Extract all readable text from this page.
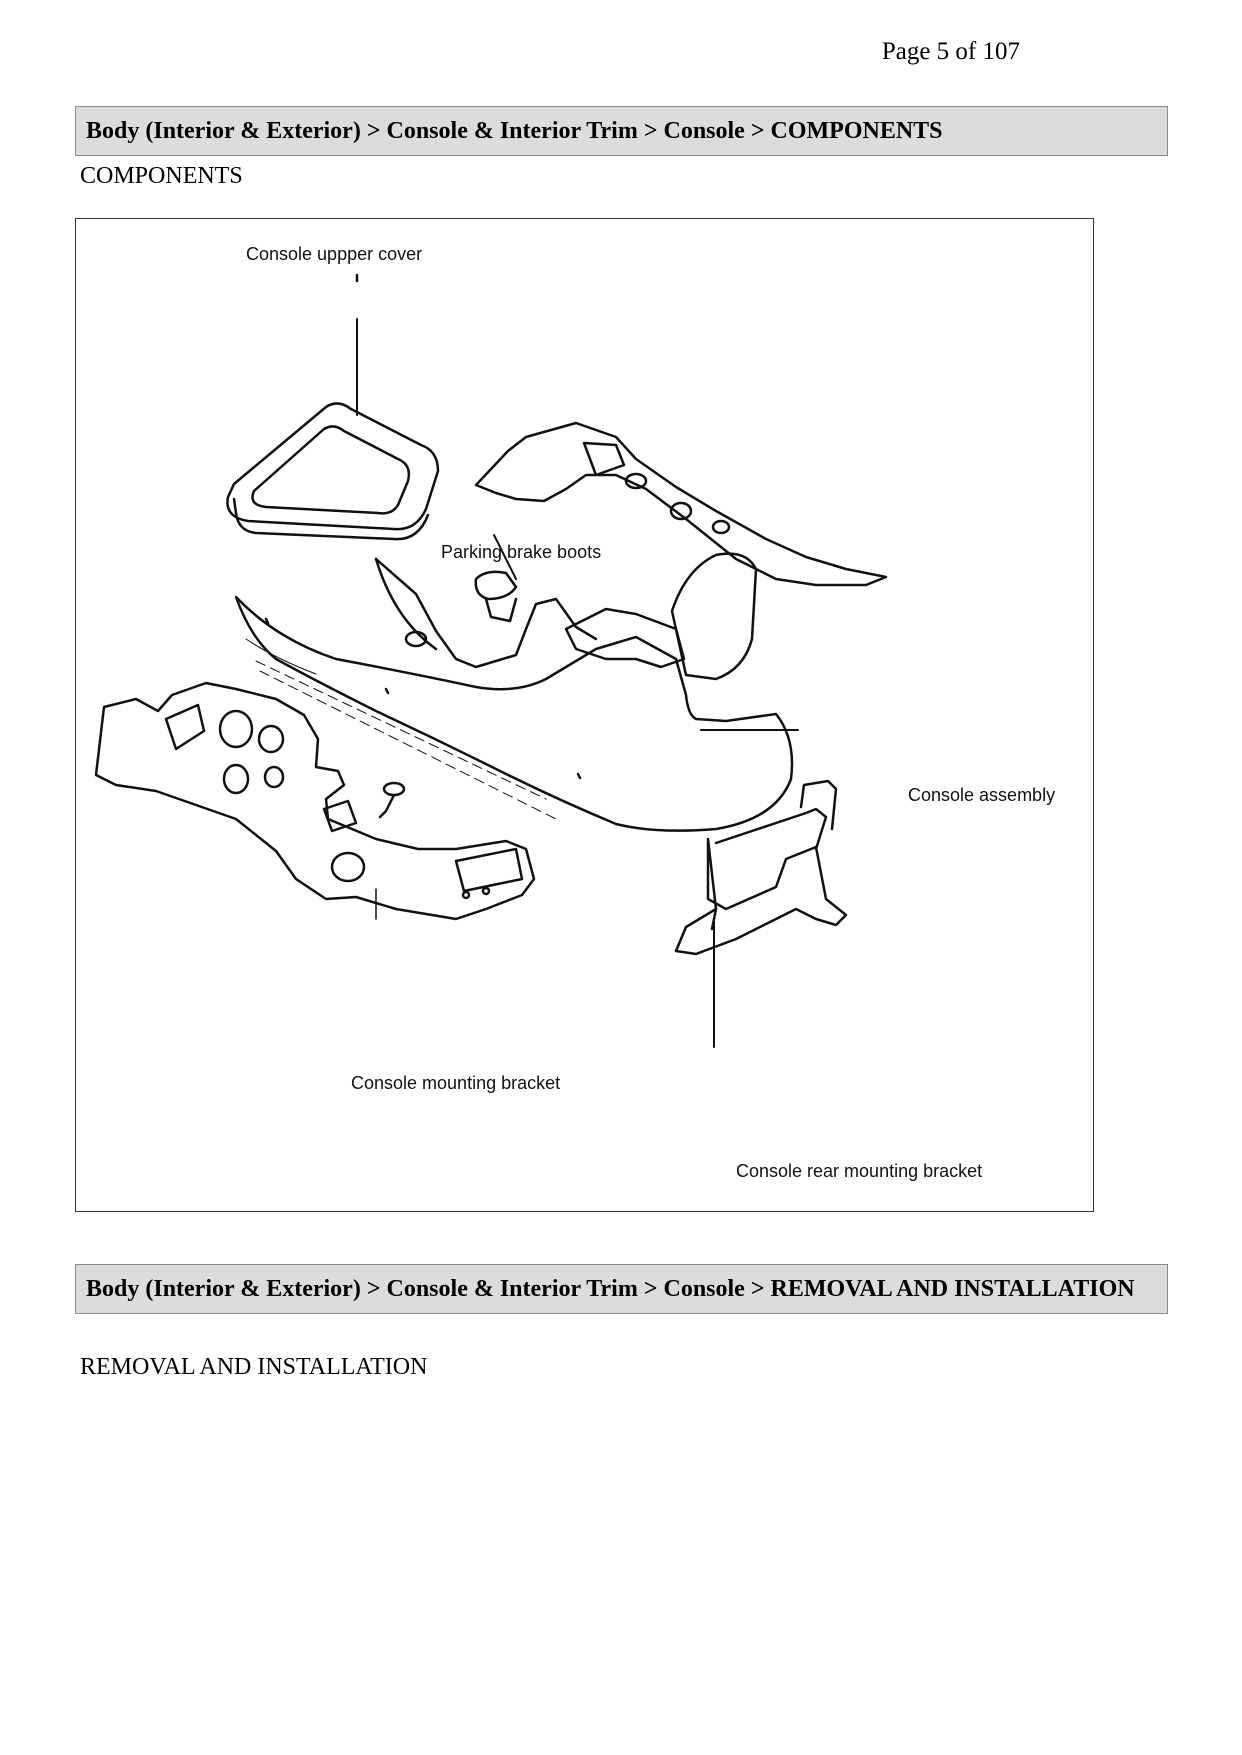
Page 5 of 107
Body (Interior & Exterior) > Console & Interior Trim > Console > COMPONENTS
COMPONENTS
Console uppper cover
Parking brake boots
Console assembly
Console mounting bracket
Console rear mounting bracket
Body (Interior & Exterior) > Console & Interior Trim > Console > REMOVAL AND INSTALLATION
REMOVAL AND INSTALLATION
